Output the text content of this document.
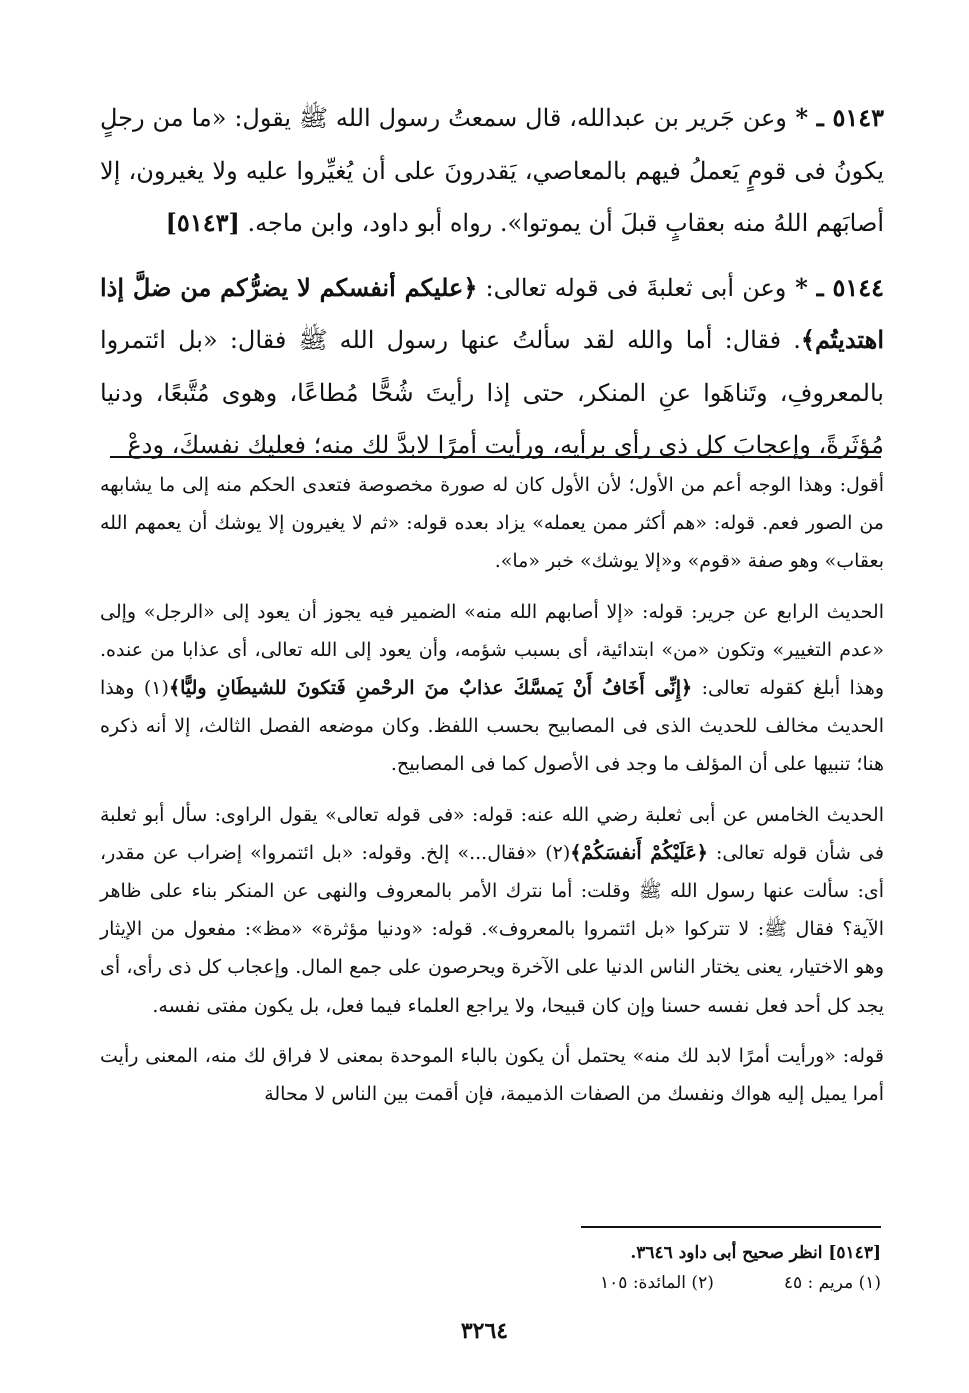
٥١٤٣ ـ * وعن جَرير بن عبدالله، قال سمعتُ رسول الله ﷺ يقول: «ما من رجلٍ يكونُ فى قومٍ يَعملُ فيهم بالمعاصي، يَقدرونَ على أن يُغيِّروا عليه ولا يغيرون، إلا أصابَهم اللهُ منه بعقابٍ قبلَ أن يموتوا». رواه أبو داود، وابن ماجه. [٥١٤٣]

٥١٤٤ ـ * وعن أبى ثعلبةَ فى قوله تعالى: ﴿عليكم أنفسكم لا يضرُّكم من ضلَّ إذا اهتديتُم﴾. فقال: أما والله لقد سألتُ عنها رسول الله ﷺ فقال: «بل ائتمروا بالمعروفِ، وتَناهَوا عنِ المنكر، حتى إذا رأيتَ شُحًّا مُطاعًا، وهوى مُتَّبعًا، ودنيا مُؤثَرةً، وإعجابَ كل ذى رأى برأيه، ورأيت أمرًا لابدَّ لك منه؛ فعليك نفسكَ، ودعْ

أقول: وهذا الوجه أعم من الأول؛ لأن الأول كان له صورة مخصوصة فتعدى الحكم منه إلى ما يشابهه من الصور فعم. قوله: «هم أكثر ممن يعمله» يزاد بعده قوله: «ثم لا يغيرون إلا يوشك أن يعمهم الله بعقاب» وهو صفة «قوم» و«إلا يوشك» خبر «ما».

الحديث الرابع عن جرير: قوله: «إلا أصابهم الله منه» الضمير فيه يجوز أن يعود إلى «الرجل» وإلى «عدم التغيير» وتكون «من» ابتدائية، أى بسبب شؤمه، وأن يعود إلى الله تعالى، أى عذابا من عنده. وهذا أبلغ كقوله تعالى: ﴿إِنِّى أَخَافُ أَنْ يَمسَّكَ عذابٌ منَ الرحْمنِ فَتكونَ للشيطَانِ وليًّا﴾(١) وهذا الحديث مخالف للحديث الذى فى المصابيح بحسب اللفظ. وكان موضعه الفصل الثالث، إلا أنه ذكره هنا؛ تنبيها على أن المؤلف ما وجد فى الأصول كما فى المصابيح.

الحديث الخامس عن أبى ثعلبة رضي الله عنه: قوله: «فى قوله تعالى» يقول الراوى: سأل أبو ثعلبة فى شأن قوله تعالى: ﴿عَلَيْكُمْ أَنفسَكُمْ﴾(٢) «فقال...» إلخ. وقوله: «بل ائتمروا» إضراب عن مقدر، أى: سألت عنها رسول الله ﷺ وقلت: أما نترك الأمر بالمعروف والنهى عن المنكر بناء على ظاهر الآية؟ فقال ﷺ: لا تتركوا «بل ائتمروا بالمعروف». قوله: «ودنيا مؤثرة» «مظ»: مفعول من الإيثار وهو الاختيار، يعنى يختار الناس الدنيا على الآخرة ويحرصون على جمع المال. وإعجاب كل ذى رأى، أى يجد كل أحد فعل نفسه حسنا وإن كان قبيحا، ولا يراجع العلماء فيما فعل، بل يكون مفتى نفسه.

قوله: «ورأيت أمرًا لابد لك منه» يحتمل أن يكون بالباء الموحدة بمعنى لا فراق لك منه، المعنى رأيت أمرا يميل إليه هواك ونفسك من الصفات الذميمة، فإن أقمت بين الناس لا محالة

[٥١٤٣] انظر صحيح أبى داود ٣٦٤٦.
(١) مريم : ٤٥
(٢) المائدة: ١٠٥
٣٢٦٤
